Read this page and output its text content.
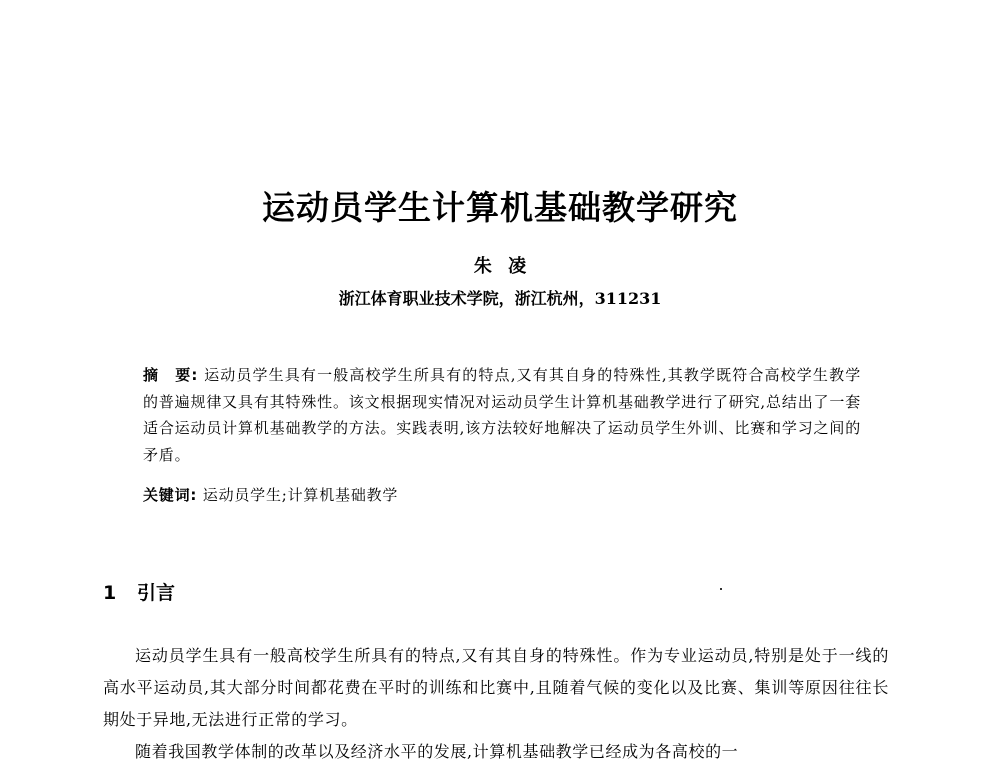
运动员学生计算机基础教学研究
朱 凌
浙江体育职业技术学院，浙江杭州，311231
摘　要: 运动员学生具有一般高校学生所具有的特点,又有其自身的特殊性,其教学既符合高校学生教学的普遍规律又具有其特殊性。该文根据现实情况对运动员学生计算机基础教学进行了研究,总结出了一套适合运动员计算机基础教学的方法。实践表明,该方法较好地解决了运动员学生外训、比赛和学习之间的矛盾。
关键词: 运动员学生;计算机基础教学
1 引言

运动员学生具有一般高校学生所具有的特点,又有其自身的特殊性。作为专业运动员,特别是处于一线的高水平运动员,其大部分时间都花费在平时的训练和比赛中,且随着气候的变化以及比赛、集训等原因往往长期处于异地,无法进行正常的学习。

随着我国教学体制的改革以及经济水平的发展,计算机基础教学已经成为各高校的一
